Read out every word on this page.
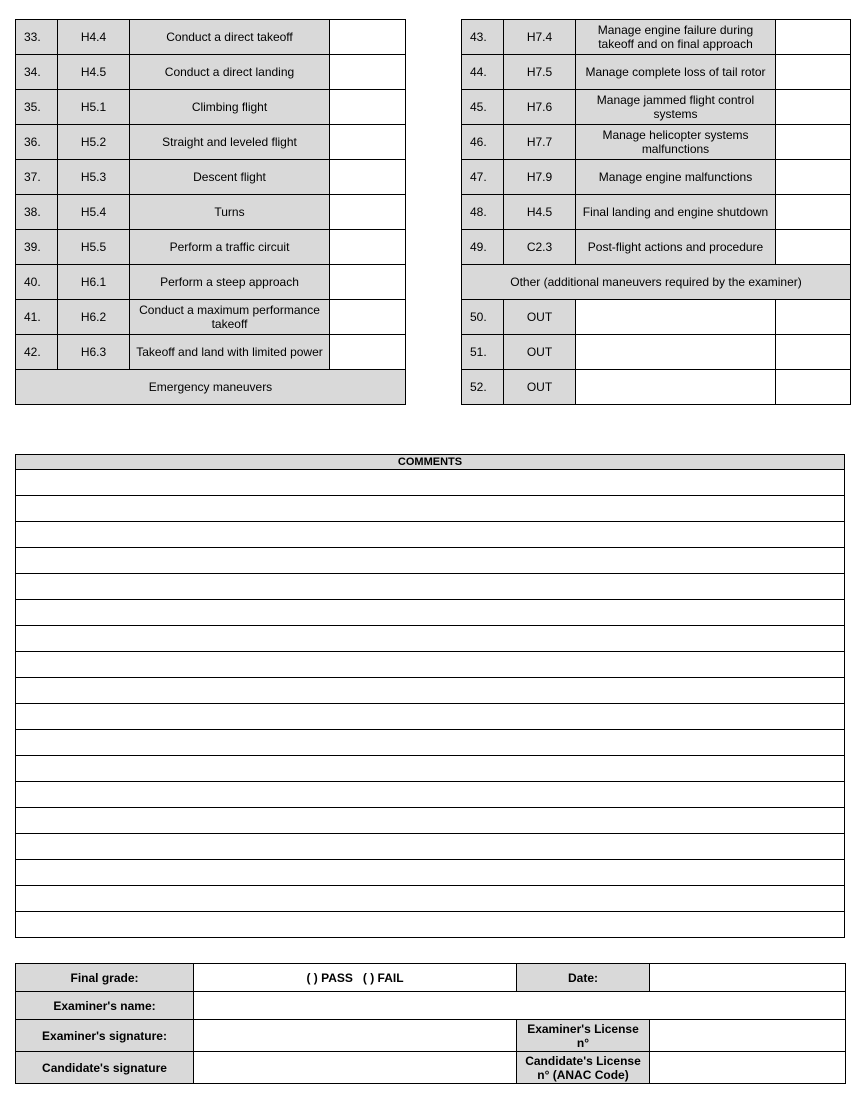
33.	H4.4	Conduct a direct takeoff	
34.	H4.5	Conduct a direct landing	
35.	H5.1	Climbing flight	
36.	H5.2	Straight and leveled flight	
37.	H5.3	Descent flight	
38.	H5.4	Turns	
39.	H5.5	Perform a traffic circuit	
40.	H6.1	Perform a steep approach	
41.	H6.2	Conduct a maximum performance takeoff	
42.	H6.3	Takeoff and land with limited power	
Emergency maneuvers			
43.	H7.4	Manage engine failure during takeoff and on final approach	
44.	H7.5	Manage complete loss of tail rotor	
45.	H7.6	Manage jammed flight control systems	
46.	H7.7	Manage helicopter systems malfunctions	
47.	H7.9	Manage engine malfunctions	
48.	H4.5	Final landing and engine shutdown	
49.	C2.3	Post-flight actions and procedure	
Other (additional maneuvers required by the examiner)			
50.	OUT		
51.	OUT		
52.	OUT		
COMMENTS

Final grade:	( ) PASS   ( ) FAIL	Date:	
Examiner's name:			
Examiner's signature:		Examiner's License n°	
Candidate's signature		Candidate's License n° (ANAC Code)	
